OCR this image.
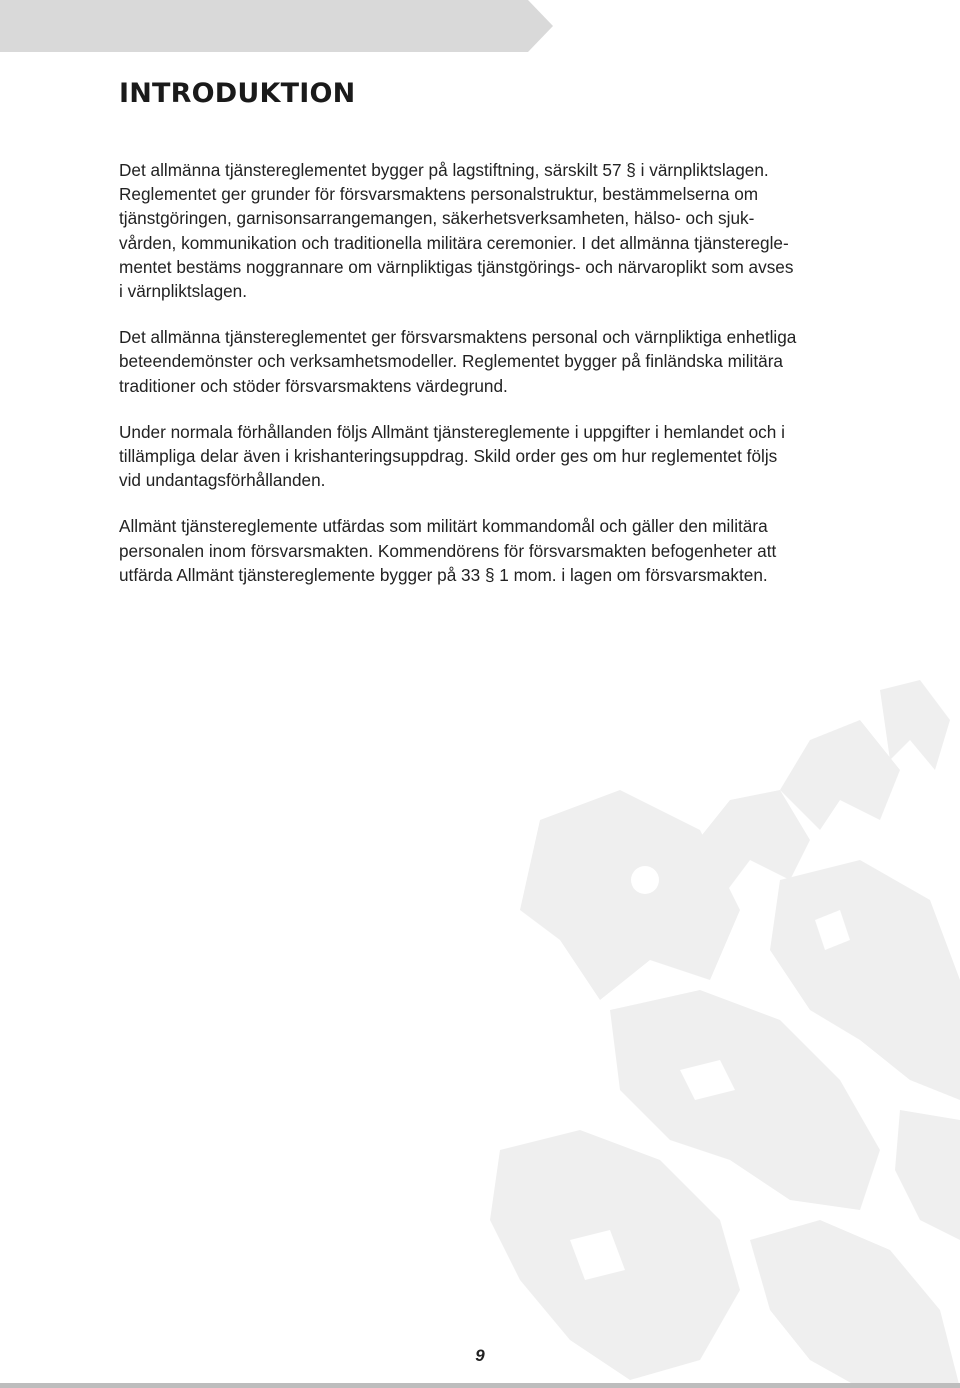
INTRODUKTION

Det allmänna tjänstereglementet bygger på lagstiftning, särskilt 57 § i värnpliktslagen.
Reglementet ger grunder för försvarsmaktens personalstruktur, bestämmelserna om
tjänstgöringen, garnisonsarrangemangen, säkerhetsverksamheten, hälso- och sjuk-
vården, kommunikation och traditionella militära ceremonier. I det allmänna tjänsteregle-
mentet bestäms noggrannare om värnpliktigas tjänstgörings- och närvaroplikt som avses
i värnpliktslagen.

Det allmänna tjänstereglementet ger försvarsmaktens personal och värnpliktiga enhetliga
beteendemönster och verksamhetsmodeller. Reglementet bygger på finländska militära
traditioner och stöder försvarsmaktens värdegrund.

Under normala förhållanden följs Allmänt tjänstereglemente i uppgifter i hemlandet och i
tillämpliga delar även i krishanteringsuppdrag. Skild order ges om hur reglementet följs
vid undantagsförhållanden.

Allmänt tjänstereglemente utfärdas som militärt kommandomål och gäller den militära
personalen inom försvarsmakten. Kommendörens för försvarsmakten befogenheter att
utfärda Allmänt tjänstereglemente bygger på 33 § 1 mom. i lagen om försvarsmakten.

9
